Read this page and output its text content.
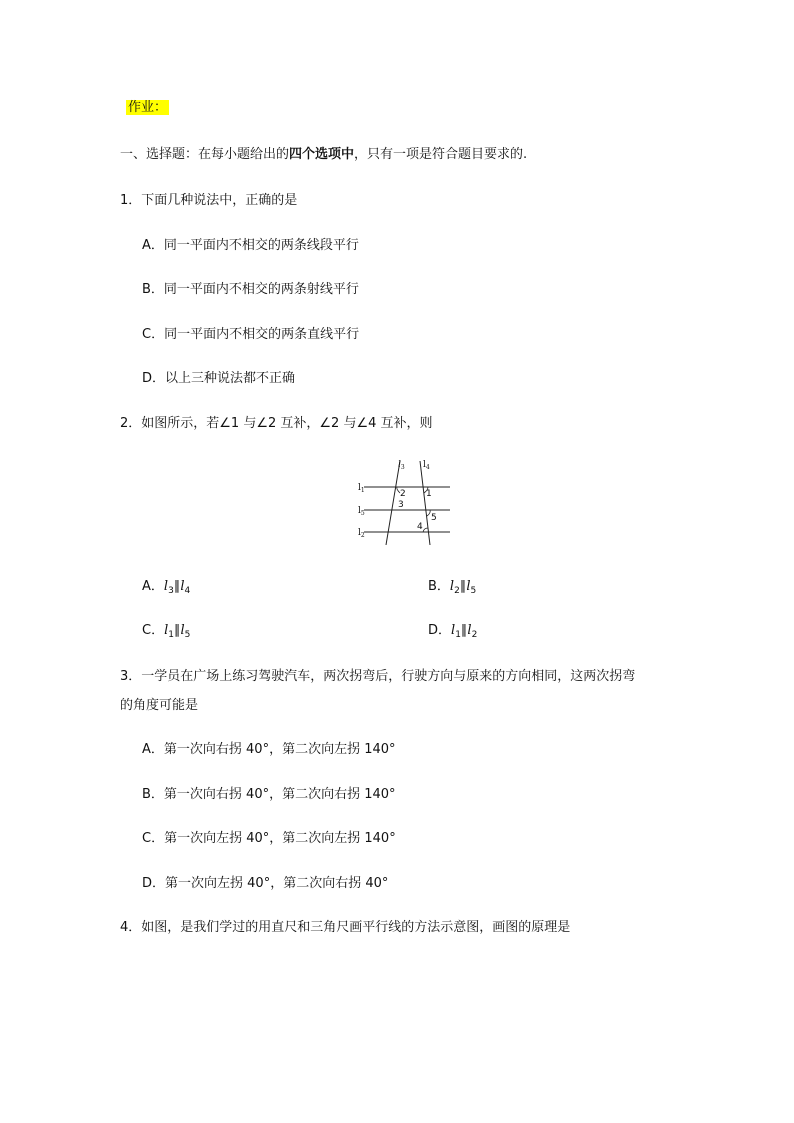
作业：
一、选择题：在每小题给出的四个选项中，只有一项是符合题目要求的.
1．下面几种说法中，正确的是
A．同一平面内不相交的两条线段平行
B．同一平面内不相交的两条射线平行
C．同一平面内不相交的两条直线平行
D．以上三种说法都不正确
2．如图所示，若∠1 与∠2 互补，∠2 与∠4 互补，则
$l_3$ $l_4$
$l_1$
$l_5$
$l_2$
2 1
3
5
4
A．$l_3\parallel l_4$	B．$l_2\parallel l_5$
C．$l_1\parallel l_5$	D．$l_1\parallel l_2$
3．一学员在广场上练习驾驶汽车，两次拐弯后，行驶方向与原来的方向相同，这两次拐弯
的角度可能是
A．第一次向右拐 40°，第二次向左拐 140°
B．第一次向右拐 40°，第二次向右拐 140°
C．第一次向左拐 40°，第二次向左拐 140°
D．第一次向左拐 40°，第二次向右拐 40°
4．如图，是我们学过的用直尺和三角尺画平行线的方法示意图，画图的原理是
